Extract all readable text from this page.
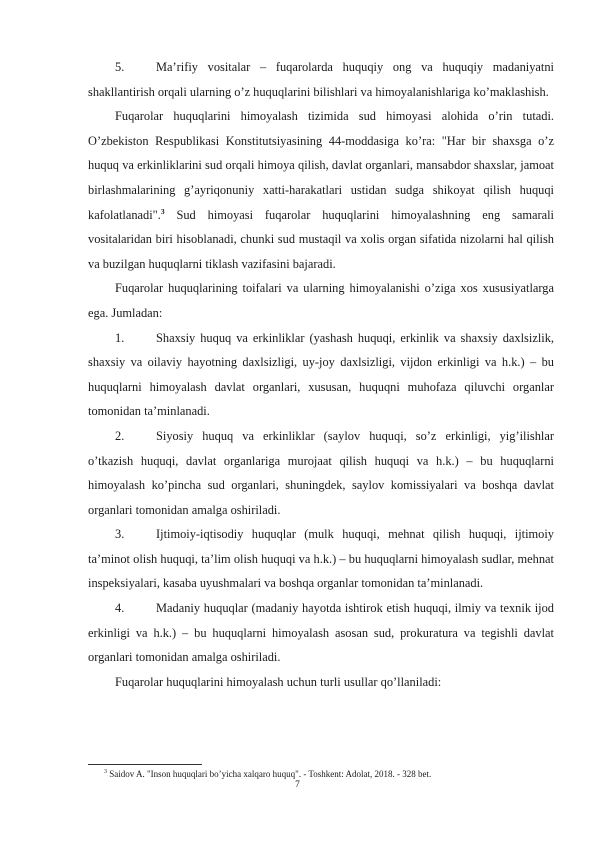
5.	Ma’rifiy vositalar – fuqarolarda huquqiy ong va huquqiy madaniyatni shakllantirish orqali ularning o’z huquqlarini bilishlari va himoyalanishlariga ko’maklashish.

Fuqarolar huquqlarini himoyalash tizimida sud himoyasi alohida o’rin tutadi. O’zbekiston Respublikasi Konstitutsiyasining 44-moddasiga ko’ra: "Har bir shaxsga o’z huquq va erkinliklarini sud orqali himoya qilish, davlat organlari, mansabdor shaxslar, jamoat birlashmalarining g’ayriqonuniy xatti-harakatlari ustidan sudga shikoyat qilish huquqi kafolatlanadi".$^3$ Sud himoyasi fuqarolar huquqlarini himoyalashning eng samarali vositalaridan biri hisoblanadi, chunki sud mustaqil va xolis organ sifatida nizolarni hal qilish va buzilgan huquqlarni tiklash vazifasini bajaradi.

Fuqarolar huquqlarining toifalari va ularning himoyalanishi o’ziga xos xususiyatlarga ega. Jumladan:

1.	Shaxsiy huquq va erkinliklar (yashash huquqi, erkinlik va shaxsiy daxlsizlik, shaxsiy va oilaviy hayotning daxlsizligi, uy-joy daxlsizligi, vijdon erkinligi va h.k.) – bu huquqlarni himoyalash davlat organlari, xususan, huquqni muhofaza qiluvchi organlar tomonidan ta’minlanadi.

2.	Siyosiy huquq va erkinliklar (saylov huquqi, so’z erkinligi, yig’ilishlar o’tkazish huquqi, davlat organlariga murojaat qilish huquqi va h.k.) – bu huquqlarni himoyalash ko’pincha sud organlari, shuningdek, saylov komissiyalari va boshqa davlat organlari tomonidan amalga oshiriladi.

3.	Ijtimoiy-iqtisodiy huquqlar (mulk huquqi, mehnat qilish huquqi, ijtimoiy ta’minot olish huquqi, ta’lim olish huquqi va h.k.) – bu huquqlarni himoyalash sudlar, mehnat inspeksiyalari, kasaba uyushmalari va boshqa organlar tomonidan ta’minlanadi.

4.	Madaniy huquqlar (madaniy hayotda ishtirok etish huquqi, ilmiy va texnik ijod erkinligi va h.k.) – bu huquqlarni himoyalash asosan sud, prokuratura va tegishli davlat organlari tomonidan amalga oshiriladi.

Fuqarolar huquqlarini himoyalash uchun turli usullar qo’llaniladi:

$^3$ Saidov A. "Inson huquqlari bo’yicha xalqaro huquq". - Toshkent: Adolat, 2018. - 328 bet.
7
